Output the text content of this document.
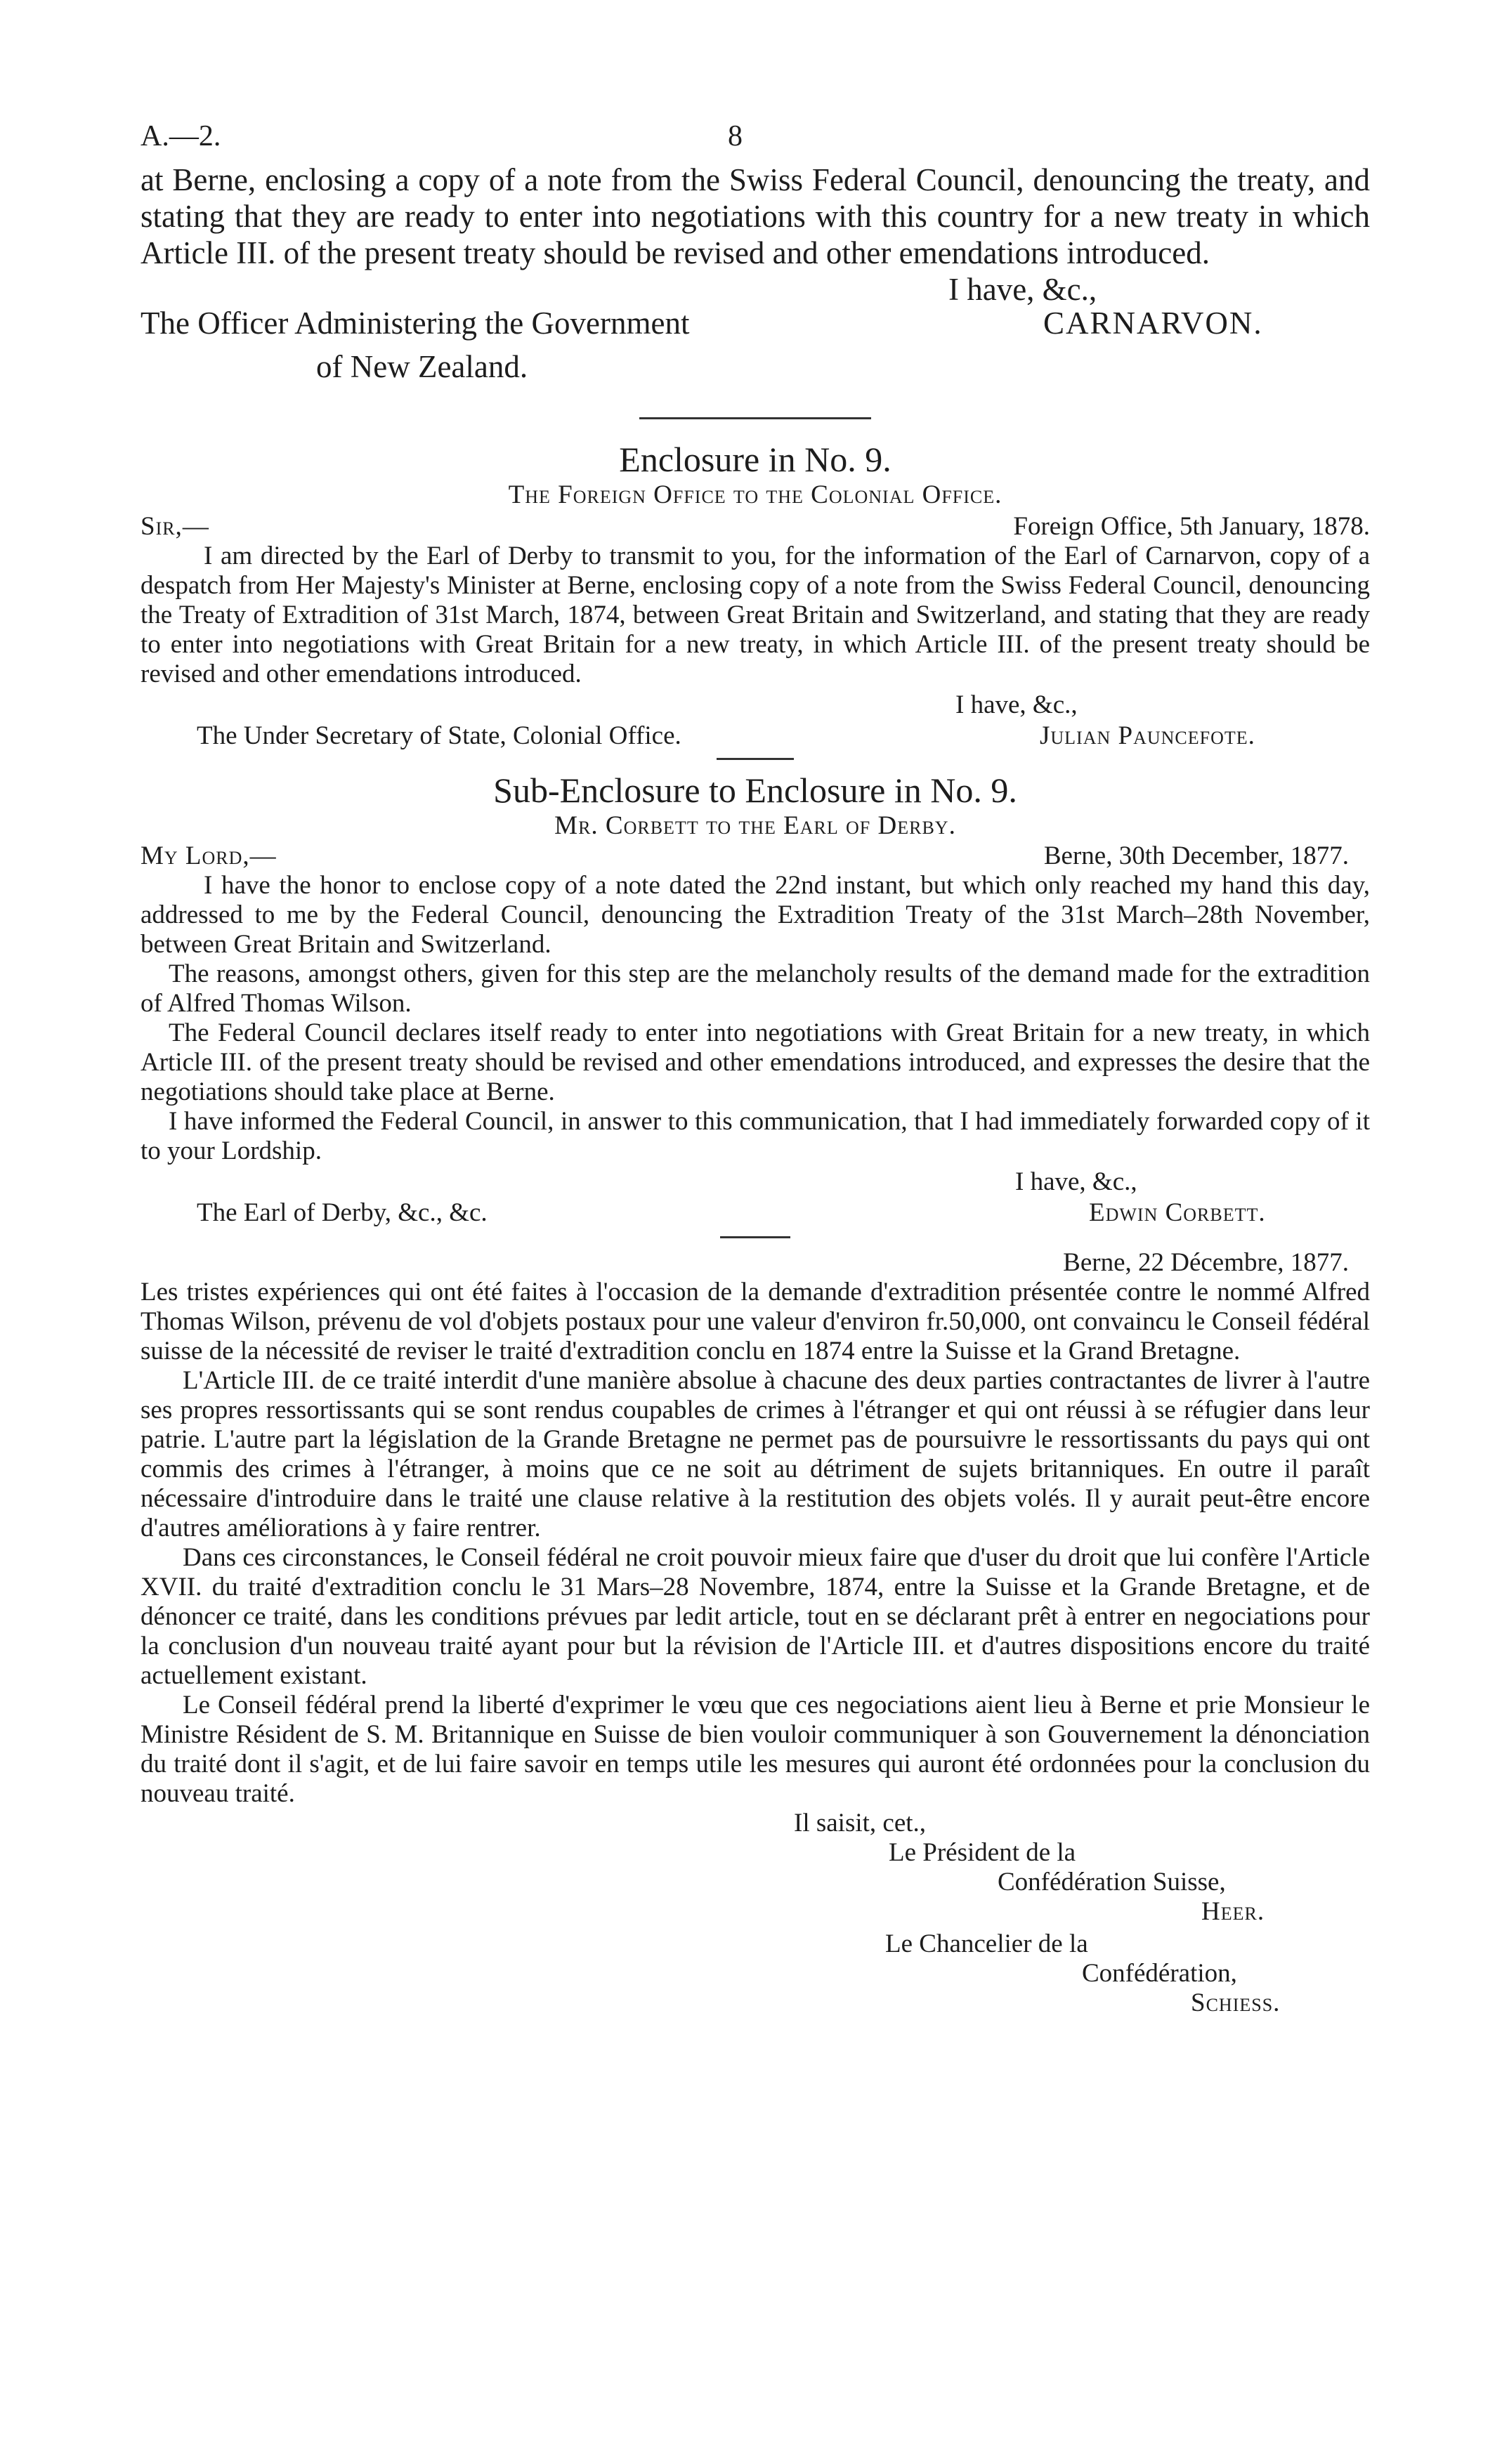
A.—2.	8

at Berne, enclosing a copy of a note from the Swiss Federal Council, denouncing the treaty, and stating that they are ready to enter into negotiations with this country for a new treaty in which Article III. of the present treaty should be revised and other emendations introduced.

I have, &c.,
The Officer Administering the Government	CARNARVON.
of New Zealand.
Enclosure in No. 9.
The Foreign Office to the Colonial Office.
Sir,—	Foreign Office, 5th January, 1878.

I am directed by the Earl of Derby to transmit to you, for the information of the Earl of Carnarvon, copy of a despatch from Her Majesty's Minister at Berne, enclosing copy of a note from the Swiss Federal Council, denouncing the Treaty of Extradition of 31st March, 1874, between Great Britain and Switzerland, and stating that they are ready to enter into negotiations with Great Britain for a new treaty, in which Article III. of the present treaty should be revised and other emendations introduced.

I have, &c.,
The Under Secretary of State, Colonial Office.	Julian Pauncefote.
Sub-Enclosure to Enclosure in No. 9.
Mr. Corbett to the Earl of Derby.
My Lord,—	Berne, 30th December, 1877.

I have the honor to enclose copy of a note dated the 22nd instant, but which only reached my hand this day, addressed to me by the Federal Council, denouncing the Extradition Treaty of the 31st March–28th November, between Great Britain and Switzerland.

The reasons, amongst others, given for this step are the melancholy results of the demand made for the extradition of Alfred Thomas Wilson.

The Federal Council declares itself ready to enter into negotiations with Great Britain for a new treaty, in which Article III. of the present treaty should be revised and other emendations introduced, and expresses the desire that the negotiations should take place at Berne.

I have informed the Federal Council, in answer to this communication, that I had immediately forwarded copy of it to your Lordship.

I have, &c.,
The Earl of Derby, &c., &c.	Edwin Corbett.
Berne, 22 Décembre, 1877.

Les tristes expériences qui ont été faites à l'occasion de la demande d'extradition présentée contre le nommé Alfred Thomas Wilson, prévenu de vol d'objets postaux pour une valeur d'environ fr.50,000, ont convaincu le Conseil fédéral suisse de la nécessité de reviser le traité d'extradition conclu en 1874 entre la Suisse et la Grand Bretagne.

L'Article III. de ce traité interdit d'une manière absolue à chacune des deux parties contractantes de livrer à l'autre ses propres ressortissants qui se sont rendus coupables de crimes à l'étranger et qui ont réussi à se réfugier dans leur patrie. L'autre part la législation de la Grande Bretagne ne permet pas de poursuivre le ressortissants du pays qui ont commis des crimes à l'étranger, à moins que ce ne soit au détriment de sujets britanniques. En outre il paraît nécessaire d'introduire dans le traité une clause relative à la restitution des objets volés. Il y aurait peut-être encore d'autres améliorations à y faire rentrer.

Dans ces circonstances, le Conseil fédéral ne croit pouvoir mieux faire que d'user du droit que lui confère l'Article XVII. du traité d'extradition conclu le 31 Mars–28 Novembre, 1874, entre la Suisse et la Grande Bretagne, et de dénoncer ce traité, dans les conditions prévues par ledit article, tout en se déclarant prêt à entrer en negociations pour la conclusion d'un nouveau traité ayant pour but la révision de l'Article III. et d'autres dispositions encore du traité actuellement existant.

Le Conseil fédéral prend la liberté d'exprimer le vœu que ces negociations aient lieu à Berne et prie Monsieur le Ministre Résident de S. M. Britannique en Suisse de bien vouloir communiquer à son Gouvernement la dénonciation du traité dont il s'agit, et de lui faire savoir en temps utile les mesures qui auront été ordonnées pour la conclusion du nouveau traité.

Il saisit, cet.,
Le Président de la
Confédération Suisse,
Heer.
Le Chancelier de la
Confédération,
Schiess.
